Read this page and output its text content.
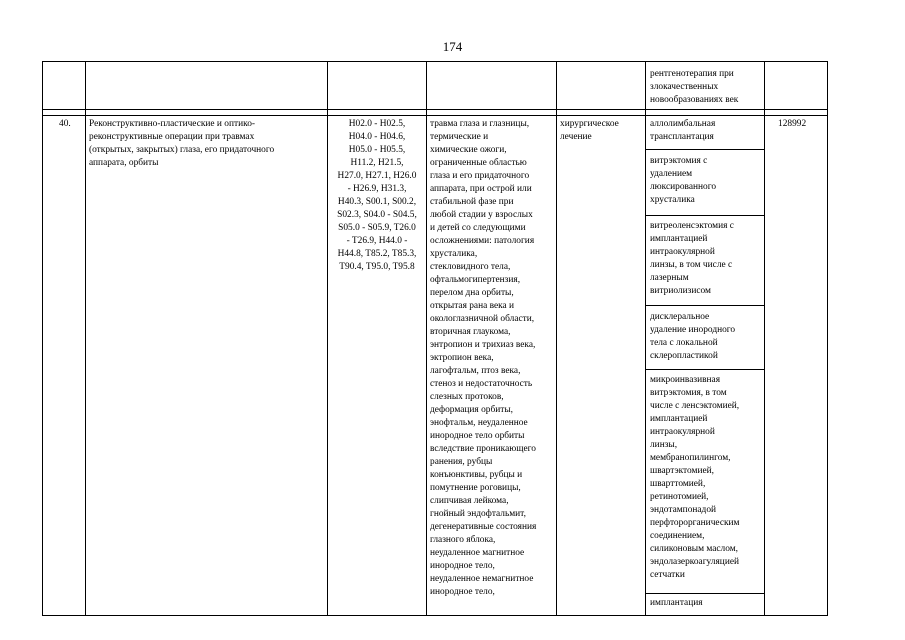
174
рентгенотерапия при
злокачественных
новообразованиях век
40.	Реконструктивно-пластические и оптико-
реконструктивные операции при травмах
(открытых, закрытых) глаза, его придаточного
аппарата, орбиты
H02.0 - H02.5,
H04.0 - H04.6,
H05.0 - H05.5,
H11.2, H21.5,
H27.0, H27.1, H26.0
- H26.9, H31.3,
H40.3, S00.1, S00.2,
S02.3, S04.0 - S04.5,
S05.0 - S05.9, T26.0
- T26.9, H44.0 -
H44.8, T85.2, T85.3,
T90.4, T95.0, T95.8
травма глаза и глазницы,
термические и
химические ожоги,
ограниченные областью
глаза и его придаточного
аппарата, при острой или
стабильной фазе при
любой стадии у взрослых
и детей со следующими
осложнениями: патология
хрусталика,
стекловидного тела,
офтальмогипертензия,
перелом дна орбиты,
открытая рана века и
окологлазничной области,
вторичная глаукома,
энтропион и трихиаз века,
эктропион века,
лагофтальм, птоз века,
стеноз и недостаточность
слезных протоков,
деформация орбиты,
энофтальм, неудаленное
инородное тело орбиты
вследствие проникающего
ранения, рубцы
конъюнктивы, рубцы и
помутнение роговицы,
слипчивая лейкома,
гнойный эндофтальмит,
дегенеративные состояния
глазного яблока,
неудаленное магнитное
инородное тело,
неудаленное немагнитное
инородное тело,
хирургическое
лечение
аллолимбальная
трансплантация
витрэктомия с
удалением
люксированного
хрусталика
витреоленсэктомия с
имплантацией
интраокулярной
линзы, в том числе с
лазерным
витриолизисом
дисклеральное
удаление инородного
тела с локальной
склеропластикой
микроинвазивная
витрэктомия, в том
числе с ленсэктомией,
имплантацией
интраокулярной
линзы,
мембранопилингом,
швартэктомией,
шварттомией,
ретинотомией,
эндотампонадой
перфторорганическим
соединением,
силиконовым маслом,
эндолазеркоагуляцией
сетчатки
имплантация
128992
